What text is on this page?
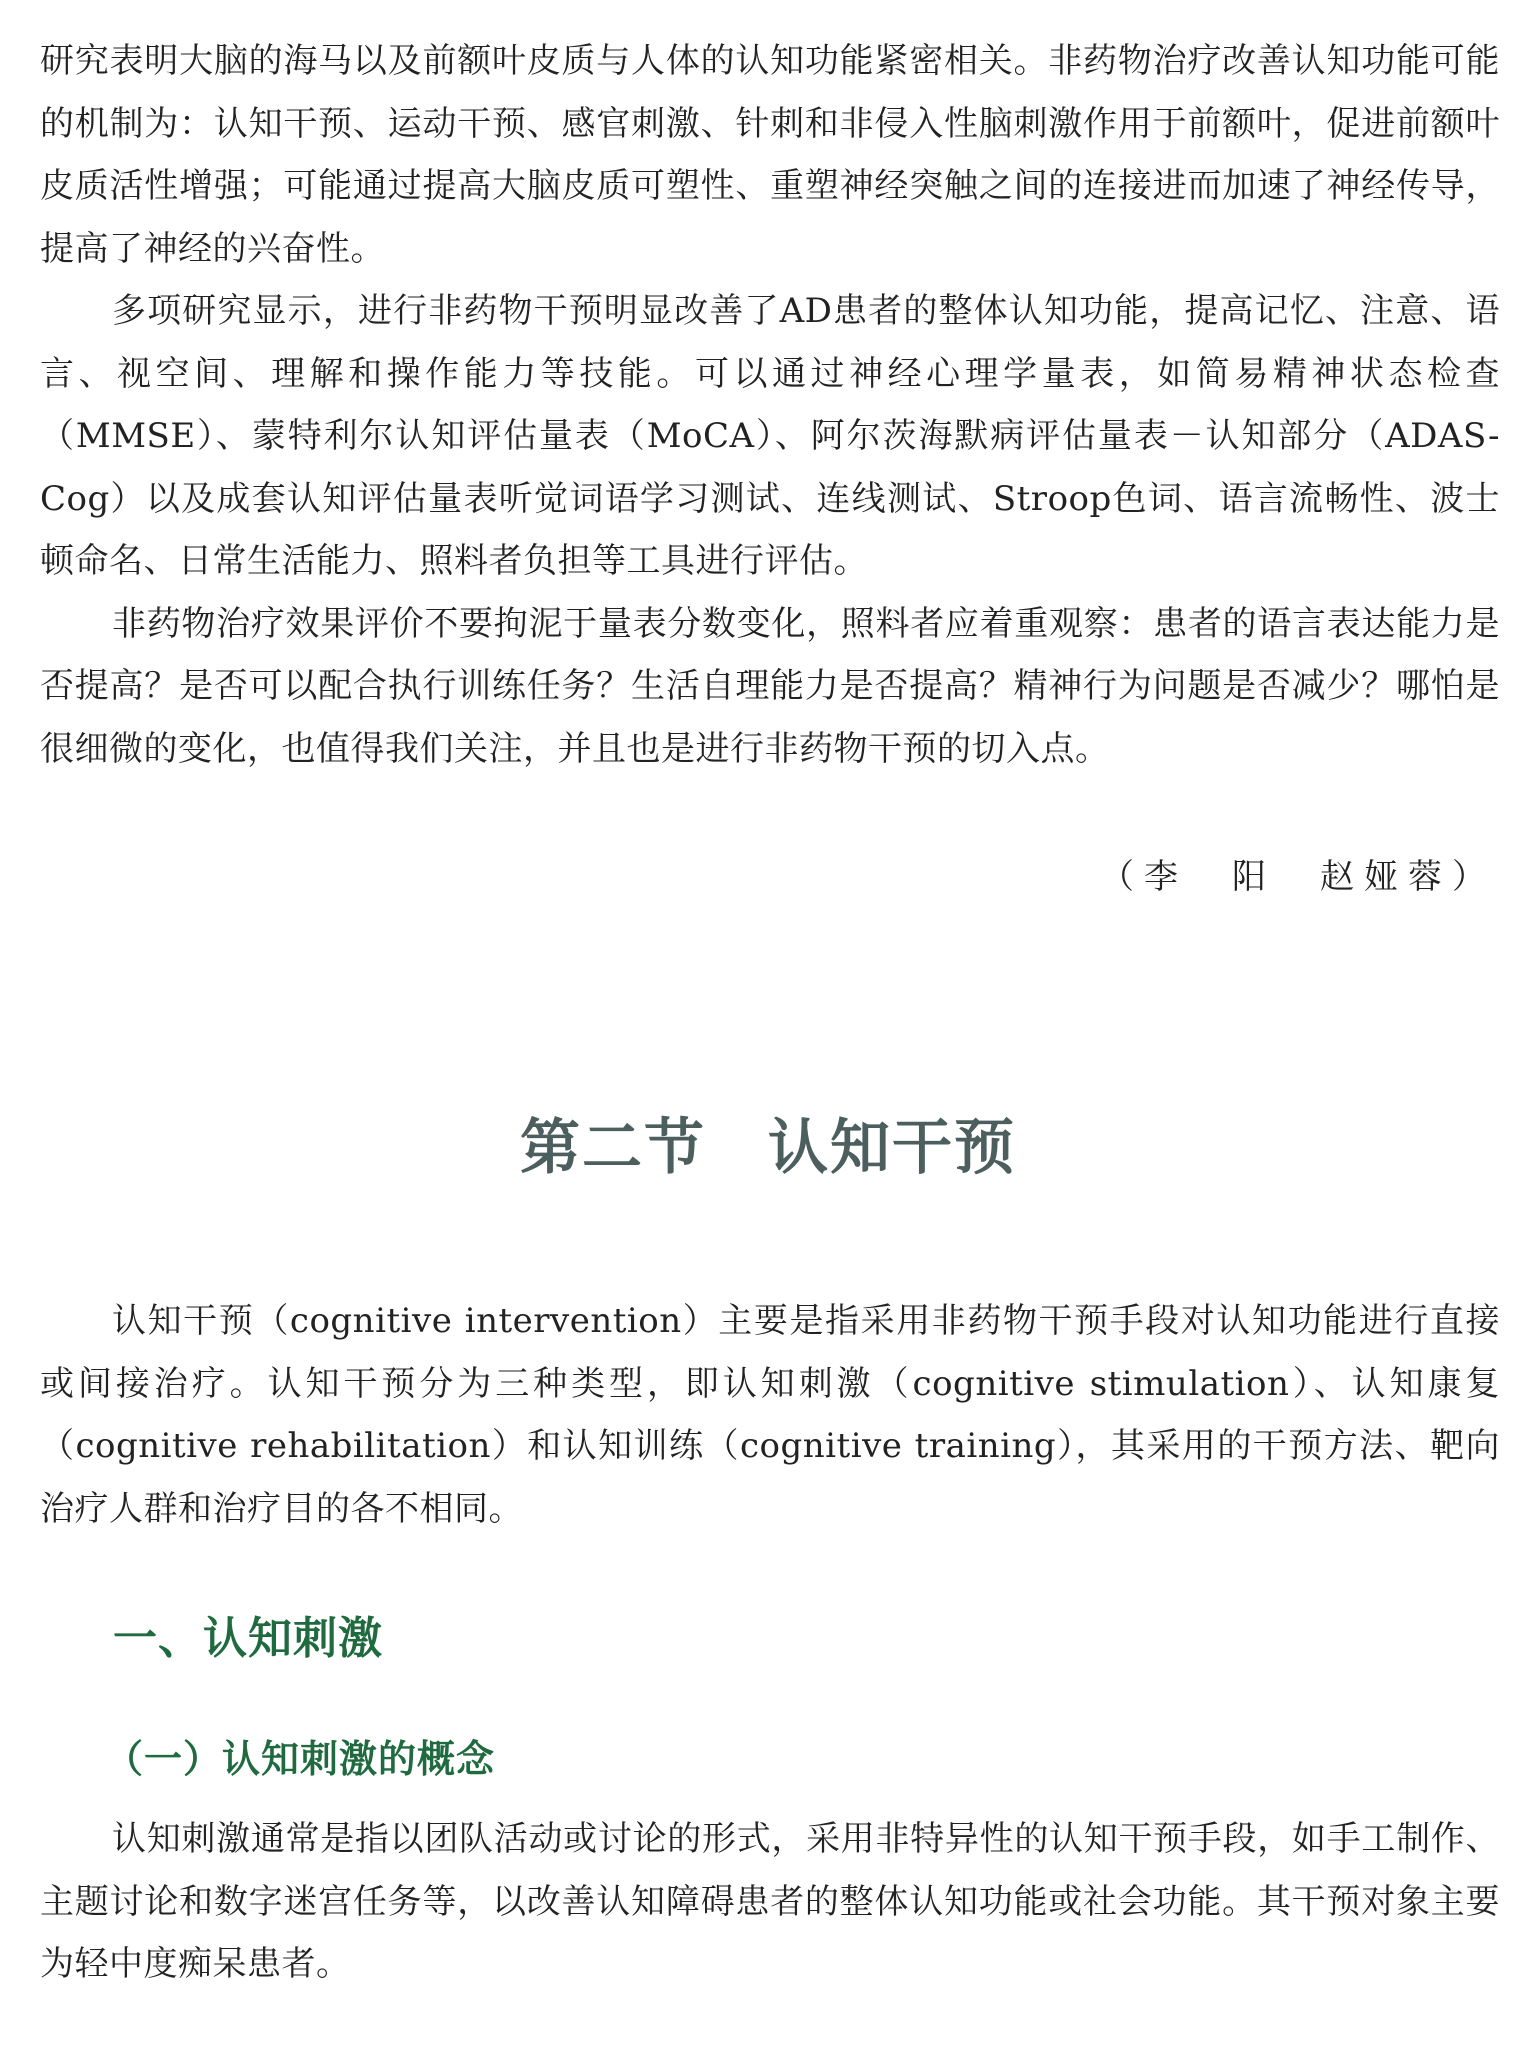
研究表明大脑的海马以及前额叶皮质与人体的认知功能紧密相关。非药物治疗改善认知功能可能的机制为：认知干预、运动干预、感官刺激、针刺和非侵入性脑刺激作用于前额叶，促进前额叶皮质活性增强；可能通过提高大脑皮质可塑性、重塑神经突触之间的连接进而加速了神经传导，提高了神经的兴奋性。

多项研究显示，进行非药物干预明显改善了AD患者的整体认知功能，提高记忆、注意、语言、视空间、理解和操作能力等技能。可以通过神经心理学量表，如简易精神状态检查（MMSE）、蒙特利尔认知评估量表（MoCA）、阿尔茨海默病评估量表－认知部分（ADAS-Cog）以及成套认知评估量表听觉词语学习测试、连线测试、Stroop色词、语言流畅性、波士顿命名、日常生活能力、照料者负担等工具进行评估。

非药物治疗效果评价不要拘泥于量表分数变化，照料者应着重观察：患者的语言表达能力是否提高？是否可以配合执行训练任务？生活自理能力是否提高？精神行为问题是否减少？哪怕是很细微的变化，也值得我们关注，并且也是进行非药物干预的切入点。

（李　阳　赵娅蓉）

第二节　认知干预

认知干预（cognitive intervention）主要是指采用非药物干预手段对认知功能进行直接或间接治疗。认知干预分为三种类型，即认知刺激（cognitive stimulation）、认知康复（cognitive rehabilitation）和认知训练（cognitive training），其采用的干预方法、靶向治疗人群和治疗目的各不相同。

一、认知刺激
（一）认知刺激的概念

认知刺激通常是指以团队活动或讨论的形式，采用非特异性的认知干预手段，如手工制作、主题讨论和数字迷宫任务等，以改善认知障碍患者的整体认知功能或社会功能。其干预对象主要为轻中度痴呆患者。
